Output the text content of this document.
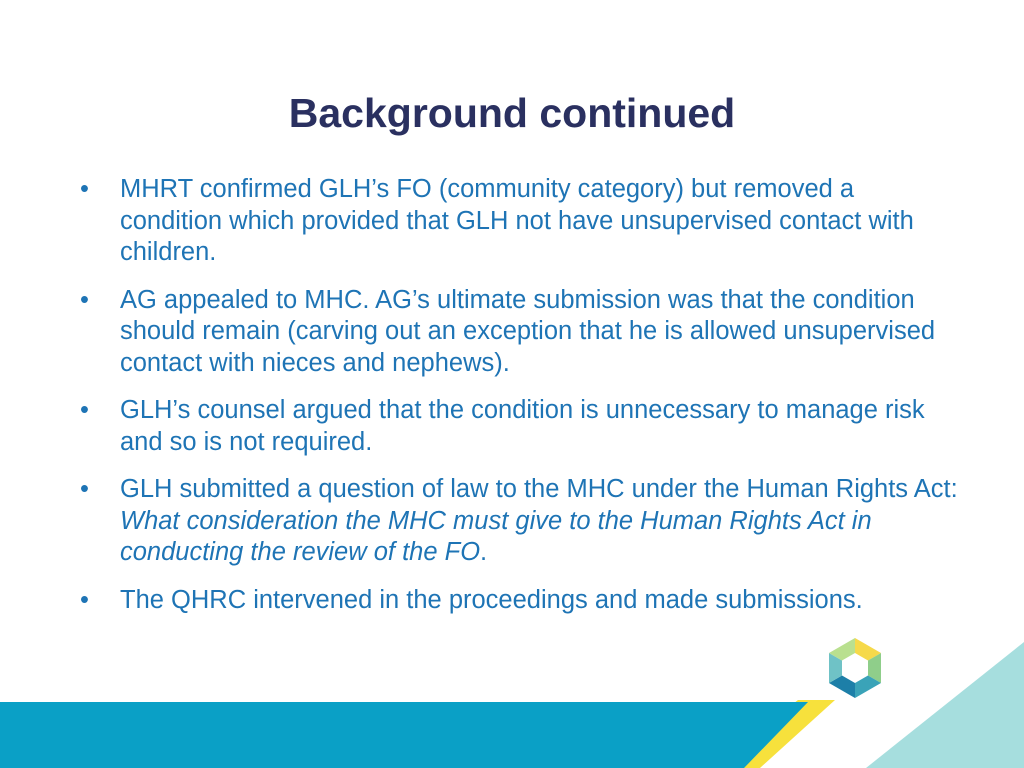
Background continued
•	MHRT confirmed GLH’s FO (community category) but removed a condition which provided that GLH not have unsupervised contact with children.
•	AG appealed to MHC. AG’s ultimate submission was that the condition should remain (carving out an exception that he is allowed unsupervised contact with nieces and nephews).
•	GLH’s counsel argued that the condition is unnecessary to manage risk and so is not required.
•	GLH submitted a question of law to the MHC under the Human Rights Act: What consideration the MHC must give to the Human Rights Act in conducting the review of the FO.
•	The QHRC intervened in the proceedings and made submissions.
